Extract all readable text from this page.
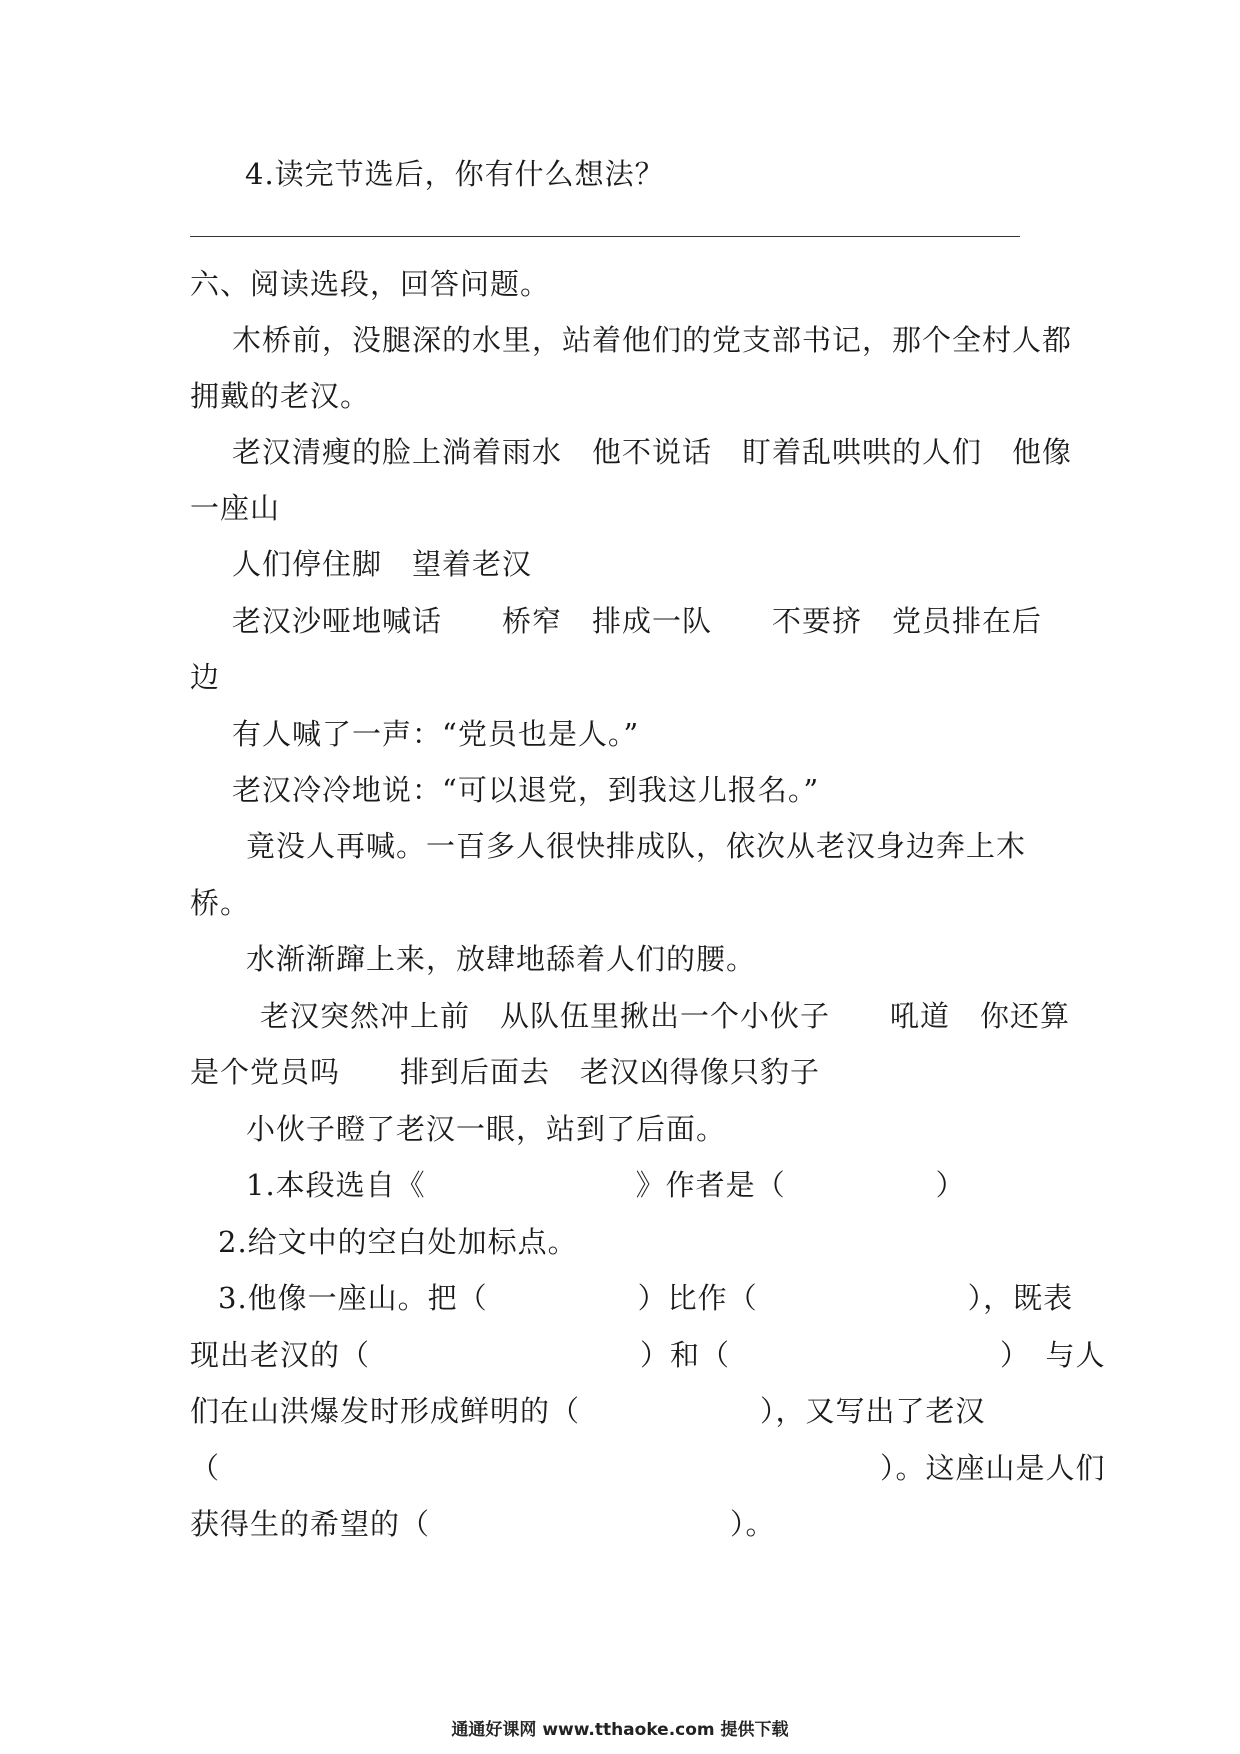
4.读完节选后，你有什么想法？
六、阅读选段，回答问题。
木桥前，没腿深的水里，站着他们的党支部书记，那个全村人都
拥戴的老汉。
老汉清瘦的脸上淌着雨水　他不说话　盯着乱哄哄的人们　他像
一座山
人们停住脚　望着老汉
老汉沙哑地喊话　　桥窄　排成一队　　不要挤　党员排在后
边
有人喊了一声：“党员也是人。”
老汉冷冷地说：“可以退党，到我这儿报名。”
竟没人再喊。一百多人很快排成队，依次从老汉身边奔上木
桥。
水渐渐蹿上来，放肆地舔着人们的腰。
老汉突然冲上前　从队伍里揪出一个小伙子　　吼道　你还算
是个党员吗　　排到后面去　老汉凶得像只豹子
小伙子瞪了老汉一眼，站到了后面。
1.本段选自《　　　　　　　》作者是（　　　　　）
2.给文中的空白处加标点。
3.他像一座山。把（　　　　　）比作（　　　　　　　），既表
现出老汉的（　　　　　　　　　）和（　　　　　　　　　）　与人
们在山洪爆发时形成鲜明的（　　　　　　），又写出了老汉
（　　　　　　　　　　　　　　　　　　　　　　）。这座山是人们
获得生的希望的（　　　　　　　　　　）。
通通好课网 www.tthaoke.com 提供下载
